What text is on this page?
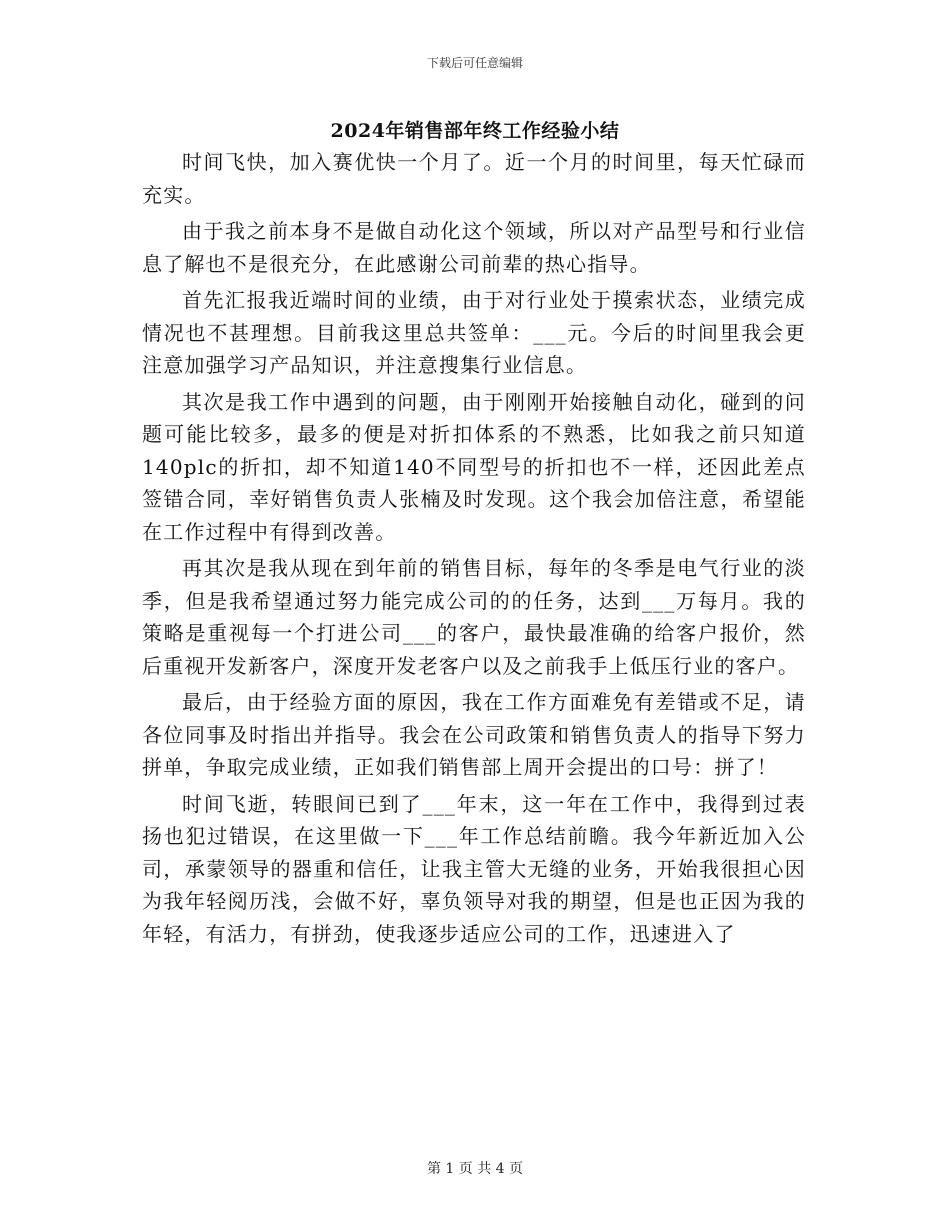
下载后可任意编辑
2024年销售部年终工作经验小结

时间飞快，加入赛优快一个月了。近一个月的时间里，每天忙碌而充实。

由于我之前本身不是做自动化这个领域，所以对产品型号和行业信息了解也不是很充分，在此感谢公司前辈的热心指导。

首先汇报我近端时间的业绩，由于对行业处于摸索状态，业绩完成情况也不甚理想。目前我这里总共签单：___元。今后的时间里我会更注意加强学习产品知识，并注意搜集行业信息。

其次是我工作中遇到的问题，由于刚刚开始接触自动化，碰到的问题可能比较多，最多的便是对折扣体系的不熟悉，比如我之前只知道140plc的折扣，却不知道140不同型号的折扣也不一样，还因此差点签错合同，幸好销售负责人张楠及时发现。这个我会加倍注意，希望能在工作过程中有得到改善。

再其次是我从现在到年前的销售目标，每年的冬季是电气行业的淡季，但是我希望通过努力能完成公司的的任务，达到___万每月。我的策略是重视每一个打进公司___的客户，最快最准确的给客户报价，然后重视开发新客户，深度开发老客户以及之前我手上低压行业的客户。

最后，由于经验方面的原因，我在工作方面难免有差错或不足，请各位同事及时指出并指导。我会在公司政策和销售负责人的指导下努力拼单，争取完成业绩，正如我们销售部上周开会提出的口号：拼了！

时间飞逝，转眼间已到了___年末，这一年在工作中，我得到过表扬也犯过错误，在这里做一下___年工作总结前瞻。我今年新近加入公司，承蒙领导的器重和信任，让我主管大无缝的业务，开始我很担心因为我年轻阅历浅，会做不好，辜负领导对我的期望，但是也正因为我的年轻，有活力，有拼劲，使我逐步适应公司的工作，迅速进入了

第 1 页 共 4 页
